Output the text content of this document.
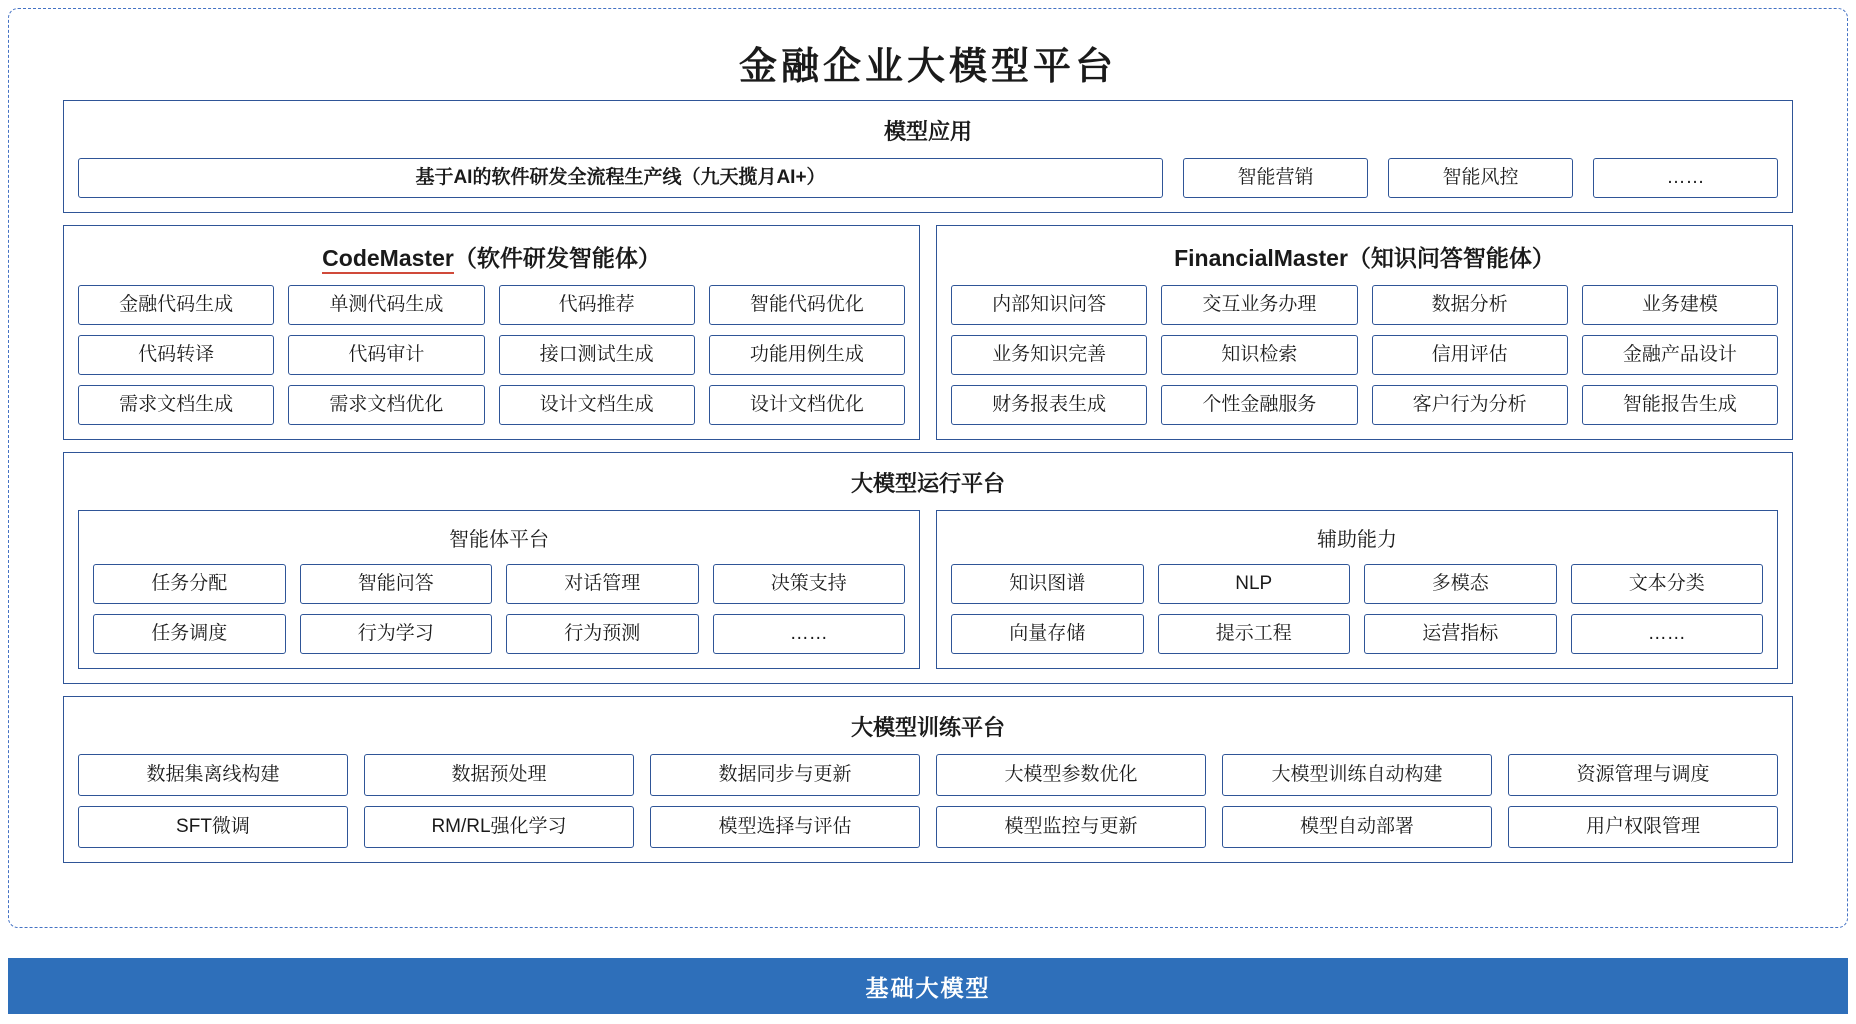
金融企业大模型平台
模型应用
基于AI的软件研发全流程生产线（九天揽月AI+）	智能营销	智能风控	……
CodeMaster（软件研发智能体）
金融代码生成	单测代码生成	代码推荐	智能代码优化
代码转译	代码审计	接口测试生成	功能用例生成
需求文档生成	需求文档优化	设计文档生成	设计文档优化
FinancialMaster（知识问答智能体）
内部知识问答	交互业务办理	数据分析	业务建模
业务知识完善	知识检索	信用评估	金融产品设计
财务报表生成	个性金融服务	客户行为分析	智能报告生成
大模型运行平台
智能体平台
任务分配	智能问答	对话管理	决策支持
任务调度	行为学习	行为预测	……
辅助能力
知识图谱	NLP	多模态	文本分类
向量存储	提示工程	运营指标	……
大模型训练平台
数据集离线构建	数据预处理	数据同步与更新	大模型参数优化	大模型训练自动构建	资源管理与调度
SFT微调	RM/RL强化学习	模型选择与评估	模型监控与更新	模型自动部署	用户权限管理
基础大模型
